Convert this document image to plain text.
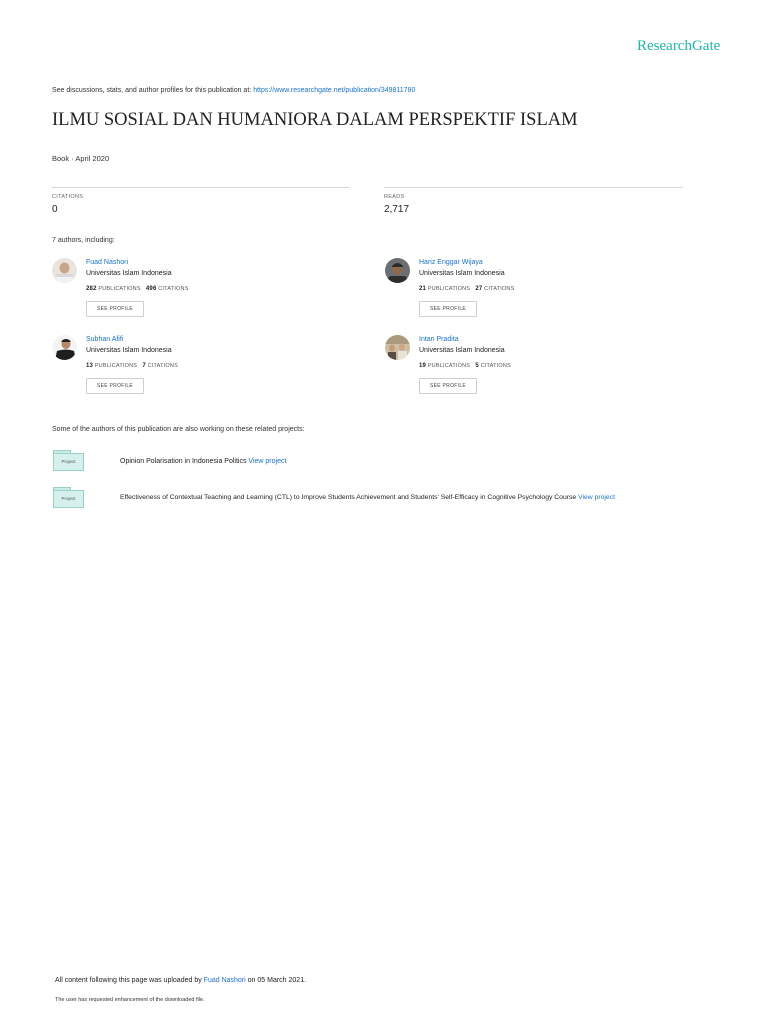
ResearchGate
See discussions, stats, and author profiles for this publication at: https://www.researchgate.net/publication/349811780
ILMU SOSIAL DAN HUMANIORA DALAM PERSPEKTIF ISLAM
Book · April 2020
CITATIONS
0
READS
2,717
7 authors, including:
Fuad Nashori
Universitas Islam Indonesia
282 PUBLICATIONS 496 CITATIONS
SEE PROFILE
Hariz Enggar Wijaya
Universitas Islam Indonesia
21 PUBLICATIONS 27 CITATIONS
SEE PROFILE
Subhan Afifi
Universitas Islam Indonesia
13 PUBLICATIONS 7 CITATIONS
SEE PROFILE
Intan Pradita
Universitas Islam Indonesia
19 PUBLICATIONS 5 CITATIONS
SEE PROFILE
Some of the authors of this publication are also working on these related projects:
Project	Opinion Polarisation in Indonesia Politics View project
Project	Effectiveness of Contextual Teaching and Learning (CTL) to Improve Students Achievement and Students' Self-Efficacy in Cognitive Psychology Course View project
All content following this page was uploaded by Fuad Nashori on 05 March 2021.
The user has requested enhancement of the downloaded file.
